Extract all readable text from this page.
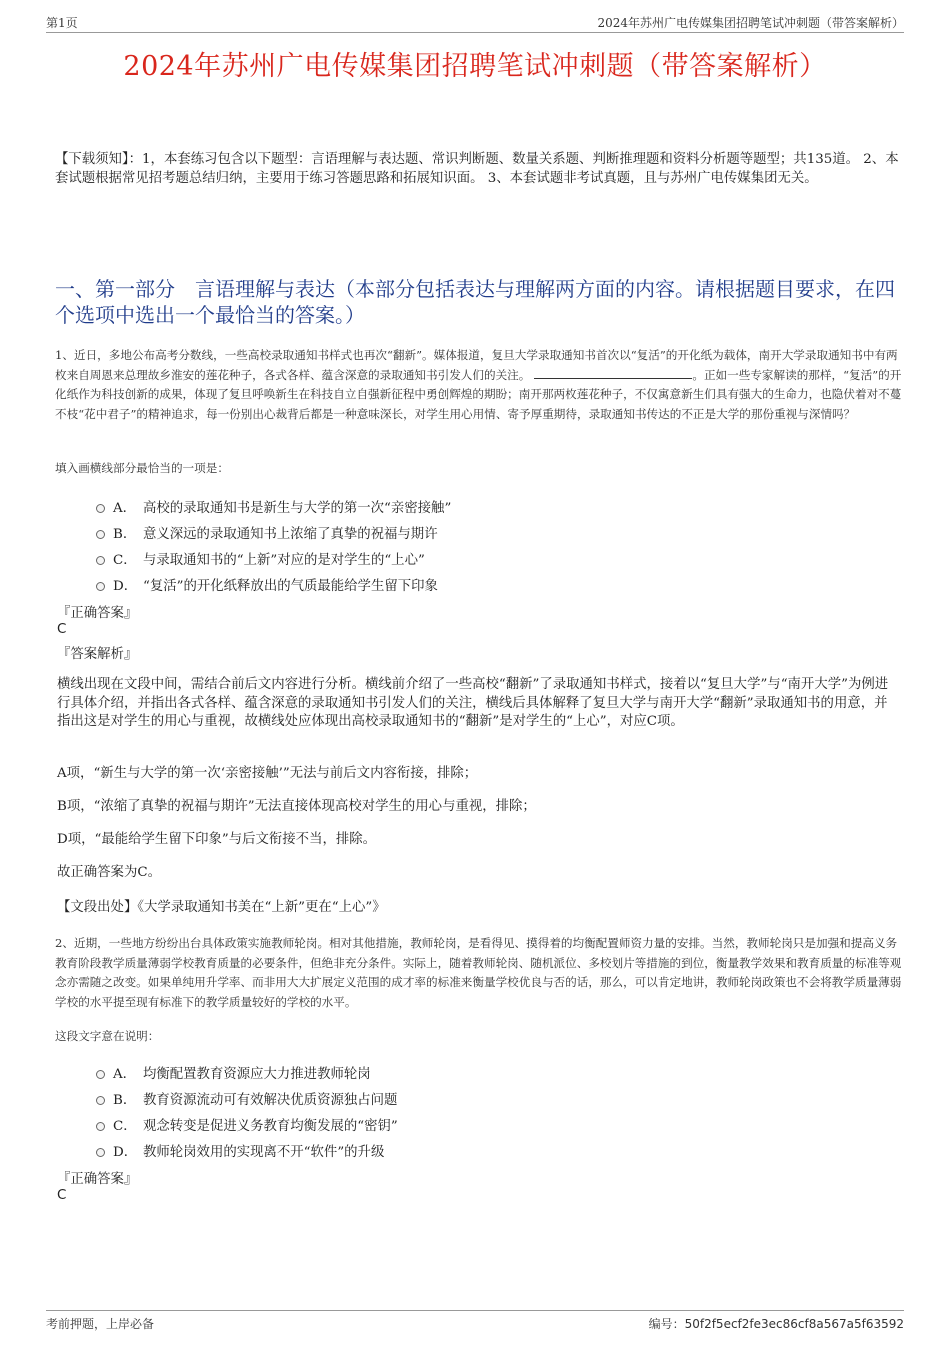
第1页	2024年苏州广电传媒集团招聘笔试冲刺题（带答案解析）
2024年苏州广电传媒集团招聘笔试冲刺题（带答案解析）
【下载须知】：1，本套练习包含以下题型：言语理解与表达题、常识判断题、数量关系题、判断推理题和资料分析题等题型；共135道。 2、本套试题根据常见招考题总结归纳，主要用于练习答题思路和拓展知识面。 3、本套试题非考试真题，且与苏州广电传媒集团无关。
一、第一部分　言语理解与表达（本部分包括表达与理解两方面的内容。请根据题目要求，在四个选项中选出一个最恰当的答案。）
1、近日，多地公布高考分数线，一些高校录取通知书样式也再次“翻新”。媒体报道，复旦大学录取通知书首次以“复活”的开化纸为载体，南开大学录取通知书中有两枚来自周恩来总理故乡淮安的莲花种子，各式各样、蕴含深意的录取通知书引发人们的关注。	。正如一些专家解读的那样，“复活”的开化纸作为科技创新的成果，体现了复旦呼唤新生在科技自立自强新征程中勇创辉煌的期盼；南开那两枚莲花种子，不仅寓意新生们具有强大的生命力，也隐伏着对不蔓不枝“花中君子”的精神追求，每一份别出心裁背后都是一种意味深长，对学生用心用情、寄予厚重期待，录取通知书传达的不正是大学的那份重视与深情吗？
填入画横线部分最恰当的一项是：
A． 高校的录取通知书是新生与大学的第一次“亲密接触”
B． 意义深远的录取通知书上浓缩了真挚的祝福与期许
C． 与录取通知书的“上新”对应的是对学生的“上心”
D． “复活”的开化纸释放出的气质最能给学生留下印象
『正确答案』
C
『答案解析』
横线出现在文段中间，需结合前后文内容进行分析。横线前介绍了一些高校“翻新”了录取通知书样式，接着以“复旦大学”与“南开大学”为例进行具体介绍，并指出各式各样、蕴含深意的录取通知书引发人们的关注，横线后具体解释了复旦大学与南开大学“翻新”录取通知书的用意，并指出这是对学生的用心与重视，故横线处应体现出高校录取通知书的“翻新”是对学生的“上心”，对应C项。
A项，“新生与大学的第一次‘亲密接触’”无法与前后文内容衔接，排除；
B项，“浓缩了真挚的祝福与期许”无法直接体现高校对学生的用心与重视，排除；
D项，“最能给学生留下印象”与后文衔接不当，排除。
故正确答案为C。
【文段出处】《大学录取通知书美在“上新”更在“上心”》
2、近期，一些地方纷纷出台具体政策实施教师轮岗。相对其他措施，教师轮岗，是看得见、摸得着的均衡配置师资力量的安排。当然，教师轮岗只是加强和提高义务教育阶段教学质量薄弱学校教育质量的必要条件，但绝非充分条件。实际上，随着教师轮岗、随机派位、多校划片等措施的到位，衡量教学效果和教育质量的标准等观念亦需随之改变。如果单纯用升学率、而非用大大扩展定义范围的成才率的标准来衡量学校优良与否的话，那么，可以肯定地讲，教师轮岗政策也不会将教学质量薄弱学校的水平提至现有标准下的教学质量较好的学校的水平。
这段文字意在说明：
A． 均衡配置教育资源应大力推进教师轮岗
B． 教育资源流动可有效解决优质资源独占问题
C． 观念转变是促进义务教育均衡发展的“密钥”
D． 教师轮岗效用的实现离不开“软件”的升级
『正确答案』
C
考前押题，上岸必备	编号：50f2f5ecf2fe3ec86cf8a567a5f63592
